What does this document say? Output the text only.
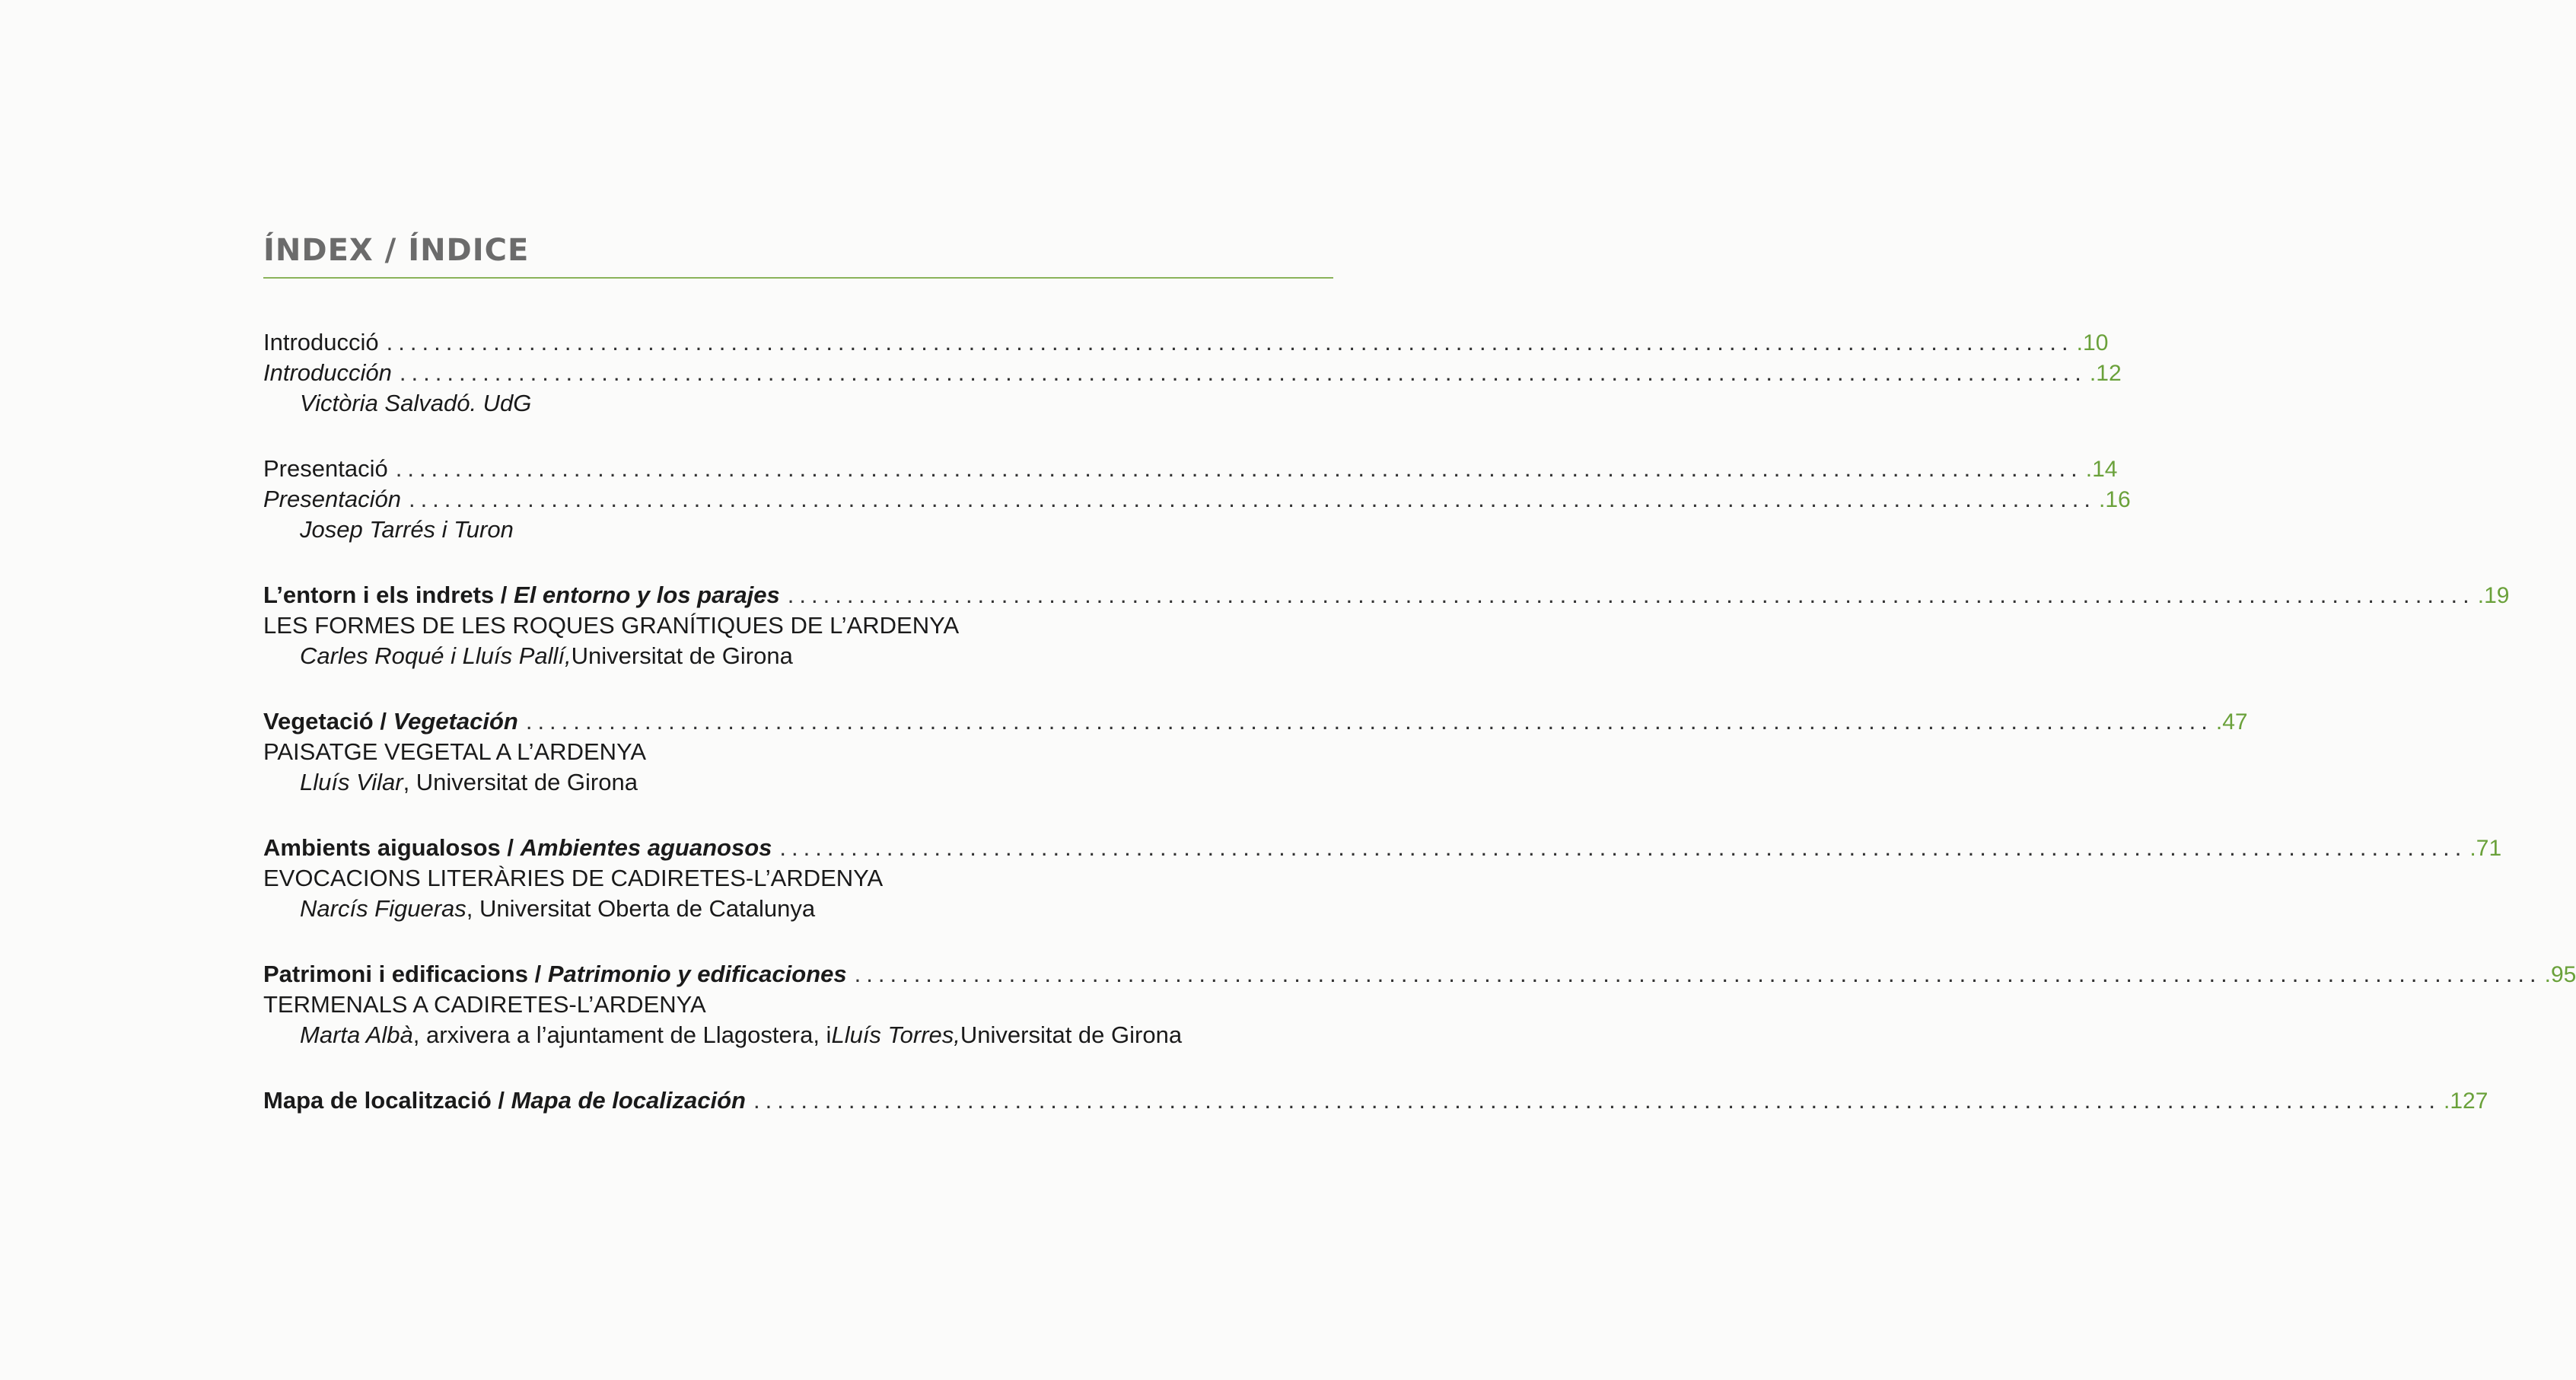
ÍNDEX / ÍNDICE
Introducció .............................................................................................................................................. .10
Introducción .............................................................................................................................................. .12
Victòria Salvadó. UdG
Presentació .............................................................................................................................................. .14
Presentación .............................................................................................................................................. .16
Josep Tarrés i Turon
L’entorn i els indrets / El entorno y los parajes .............................................................................................................................................. .19
LES FORMES DE LES ROQUES GRANÍTIQUES DE L’ARDENYA
Carles Roqué i Lluís Pallí, Universitat de Girona
Vegetació / Vegetación .............................................................................................................................................. .47
PAISATGE VEGETAL A L’ARDENYA
Lluís Vilar , Universitat de Girona
Ambients aigualosos / Ambientes aguanosos .............................................................................................................................................. .71
EVOCACIONS LITERÀRIES DE CADIRETES-L’ARDENYA
Narcís Figueras , Universitat Oberta de Catalunya
Patrimoni i edificacions / Patrimonio y edificaciones .............................................................................................................................................. .95
TERMENALS A CADIRETES-L’ARDENYA
Marta Albà , arxivera a l’ajuntament de Llagostera, i Lluís Torres, Universitat de Girona
Mapa de localització / Mapa de localización .............................................................................................................................................. .127
